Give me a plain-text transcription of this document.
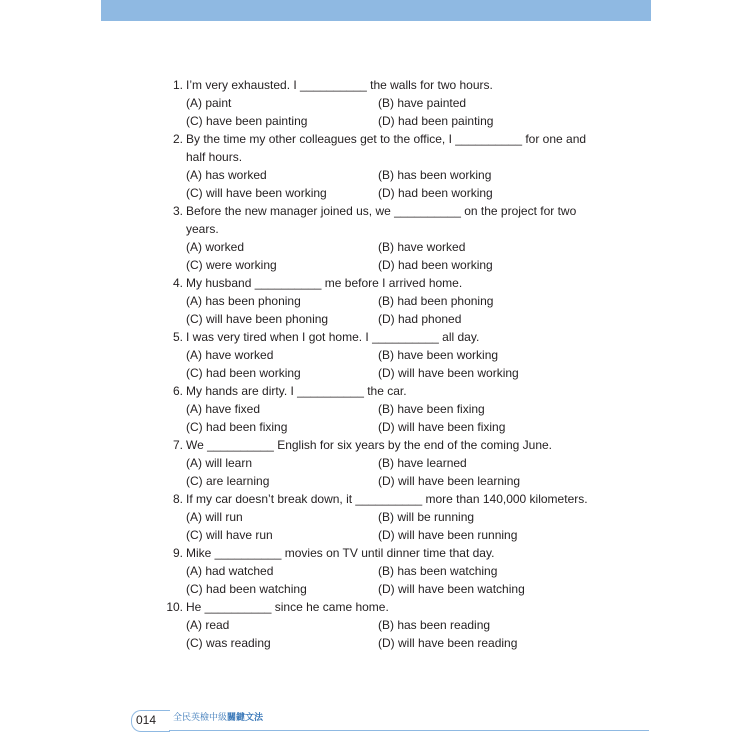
1. I’m very exhausted. I __________ the walls for two hours.
(A) paint	(B) have painted
(C) have been painting	(D) had been painting
2. By the time my other colleagues get to the office, I __________ for one and
half hours.
(A) has worked	(B) has been working
(C) will have been working	(D) had been working
3. Before the new manager joined us, we __________ on the project for two
years.
(A) worked	(B) have worked
(C) were working	(D) had been working
4. My husband __________ me before I arrived home.
(A) has been phoning	(B) had been phoning
(C) will have been phoning	(D) had phoned
5. I was very tired when I got home. I __________ all day.
(A) have worked	(B) have been working
(C) had been working	(D) will have been working
6. My hands are dirty. I __________ the car.
(A) have fixed	(B) have been fixing
(C) had been fixing	(D) will have been fixing
7. We __________ English for six years by the end of the coming June.
(A) will learn	(B) have learned
(C) are learning	(D) will have been learning
8. If my car doesn’t break down, it __________ more than 140,000 kilometers.
(A) will run	(B) will be running
(C) will have run	(D) will have been running
9. Mike __________ movies on TV until dinner time that day.
(A) had watched	(B) has been watching
(C) had been watching	(D) will have been watching
10. He __________ since he came home.
(A) read	(B) has been reading
(C) was reading	(D) will have been reading
014 全民英檢中級關鍵文法
